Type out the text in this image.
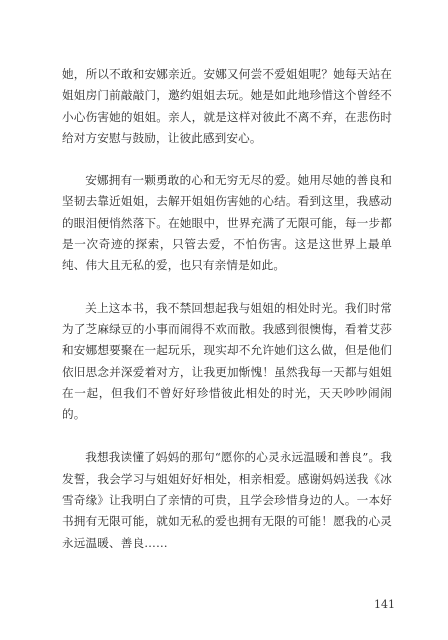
她，所以不敢和安娜亲近。安娜又何尝不爱姐姐呢？她每天站在姐姐房门前敲敲门，邀约姐姐去玩。她是如此地珍惜这个曾经不小心伤害她的姐姐。亲人，就是这样对彼此不离不弃，在悲伤时给对方安慰与鼓励，让彼此感到安心。

安娜拥有一颗勇敢的心和无穷无尽的爱。她用尽她的善良和坚韧去靠近姐姐，去解开姐姐伤害她的心结。看到这里，我感动的眼泪便悄然落下。在她眼中，世界充满了无限可能，每一步都是一次奇迹的探索，只管去爱，不怕伤害。这是这世界上最单纯、伟大且无私的爱，也只有亲情是如此。

关上这本书，我不禁回想起我与姐姐的相处时光。我们时常为了芝麻绿豆的小事而闹得不欢而散。我感到很懊悔，看着艾莎和安娜想要聚在一起玩乐，现实却不允许她们这么做，但是他们依旧思念并深爱着对方，让我更加惭愧！虽然我每一天都与姐姐在一起，但我们不曾好好珍惜彼此相处的时光，天天吵吵闹闹的。

我想我读懂了妈妈的那句“愿你的心灵永远温暖和善良”。我发誓，我会学习与姐姐好好相处，相亲相爱。感谢妈妈送我《冰雪奇缘》让我明白了亲情的可贵，且学会珍惜身边的人。一本好书拥有无限可能，就如无私的爱也拥有无限的可能！愿我的心灵永远温暖、善良……

141
